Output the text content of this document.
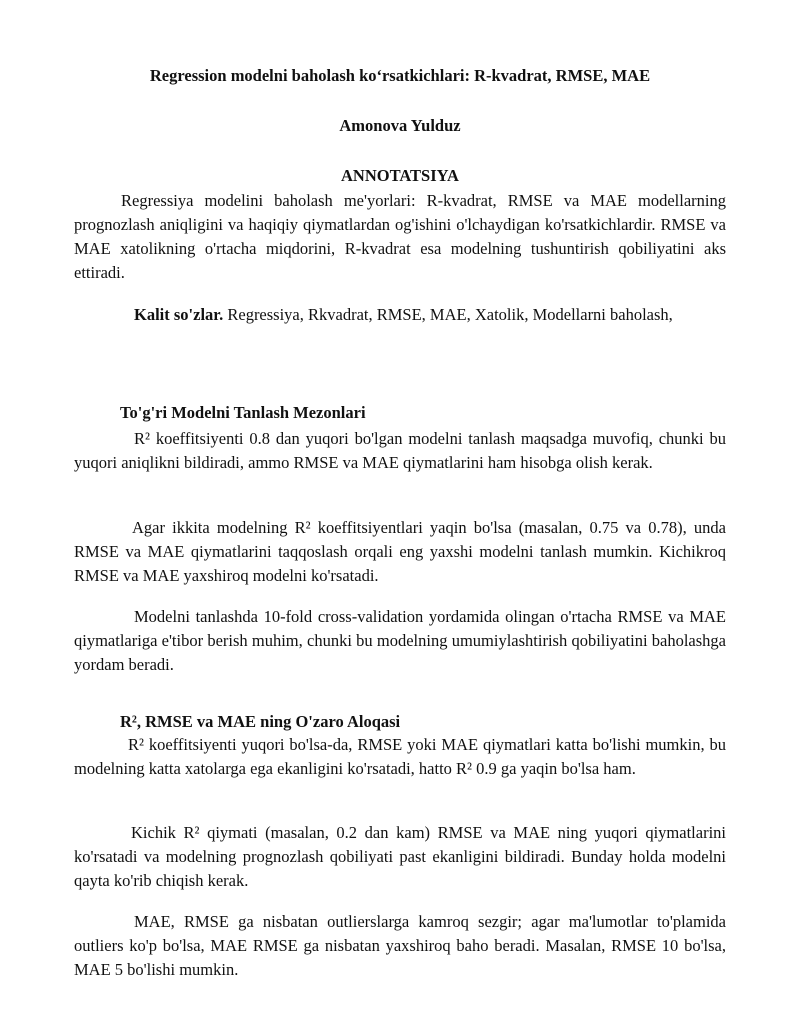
Regression modelni baholash ko‘rsatkichlari: R-kvadrat, RMSE, MAE
Amonova Yulduz
ANNOTATSIYA
Regressiya modelini baholash me'yorlari: R-kvadrat, RMSE va MAE modellarning prognozlash aniqligini va haqiqiy qiymatlardan og'ishini o'lchaydigan ko'rsatkichlardir. RMSE va MAE xatolikning o'rtacha miqdorini, R-kvadrat esa modelning tushuntirish qobiliyatini aks ettiradi.
Kalit so'zlar. Regressiya, Rkvadrat, RMSE, MAE, Xatolik, Modellarni baholash,
To'g'ri Modelni Tanlash Mezonlari
R² koeffitsiyenti 0.8 dan yuqori bo'lgan modelni tanlash maqsadga muvofiq, chunki bu yuqori aniqlikni bildiradi, ammo RMSE va MAE qiymatlarini ham hisobga olish kerak.
Agar ikkita modelning R² koeffitsiyentlari yaqin bo'lsa (masalan, 0.75 va 0.78), unda RMSE va MAE qiymatlarini taqqoslash orqali eng yaxshi modelni tanlash mumkin. Kichikroq RMSE va MAE yaxshiroq modelni ko'rsatadi.
Modelni tanlashda 10-fold cross-validation yordamida olingan o'rtacha RMSE va MAE qiymatlariga e'tibor berish muhim, chunki bu modelning umumiylashtirish qobiliyatini baholashga yordam beradi.
R², RMSE va MAE ning O'zaro Aloqasi
R² koeffitsiyenti yuqori bo'lsa-da, RMSE yoki MAE qiymatlari katta bo'lishi mumkin, bu modelning katta xatolarga ega ekanligini ko'rsatadi, hatto R² 0.9 ga yaqin bo'lsa ham.
Kichik R² qiymati (masalan, 0.2 dan kam) RMSE va MAE ning yuqori qiymatlarini ko'rsatadi va modelning prognozlash qobiliyati past ekanligini bildiradi. Bunday holda modelni qayta ko'rib chiqish kerak.
MAE, RMSE ga nisbatan outlierslarga kamroq sezgir; agar ma'lumotlar to'plamida outliers ko'p bo'lsa, MAE RMSE ga nisbatan yaxshiroq baho beradi. Masalan, RMSE 10 bo'lsa, MAE 5 bo'lishi mumkin.
